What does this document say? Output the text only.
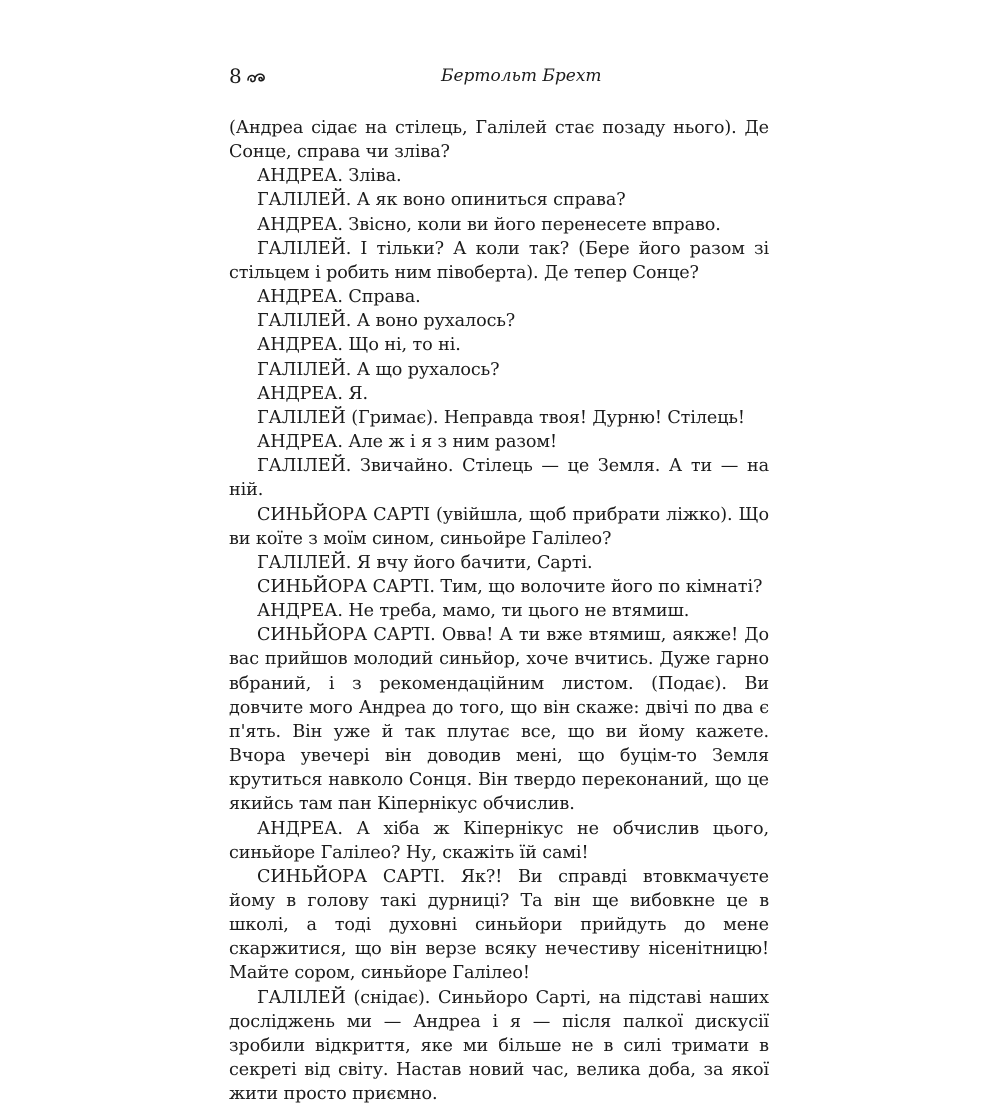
8	Бертольт Брехт

(Андреа сідає на стілець, Галілей стає позаду нього). Де Сонце, справа чи зліва?

АНДРЕА. Зліва.

ГАЛІЛЕЙ. А як воно опиниться справа?

АНДРЕА. Звісно, коли ви його перенесете вправо.

ГАЛІЛЕЙ. І тільки? А коли так? (Бере його разом зі стільцем і робить ним півоберта). Де тепер Сонце?

АНДРЕА. Справа.

ГАЛІЛЕЙ. А воно рухалось?

АНДРЕА. Що ні, то ні.

ГАЛІЛЕЙ. А що рухалось?

АНДРЕА. Я.

ГАЛІЛЕЙ (Гримає). Неправда твоя! Дурню! Стілець!

АНДРЕА. Але ж і я з ним разом!

ГАЛІЛЕЙ. Звичайно. Стілець — це Земля. А ти — на ній.

СИНЬЙОРА САРТІ (увійшла, щоб прибрати ліжко). Що ви коїте з моїм сином, синьойре Галілео?

ГАЛІЛЕЙ. Я вчу його бачити, Сарті.

СИНЬЙОРА САРТІ. Тим, що волочите його по кімнаті?

АНДРЕА. Не треба, мамо, ти цього не втямиш.

СИНЬЙОРА САРТІ. Овва! А ти вже втямиш, аякже! До вас прийшов молодий синьйор, хоче вчитись. Дуже гарно вбраний, і з рекомендаційним листом. (Подає). Ви довчите мого Андреа до того, що він скаже: двічі по два є п'ять. Він уже й так плутає все, що ви йому кажете. Вчора увечері він доводив мені, що буцім-то Земля крутиться навколо Сонця. Він твердо переконаний, що це якийсь там пан Кіпернікус обчислив.

АНДРЕА. А хіба ж Кіпернікус не обчислив цього, синьйоре Галілео? Ну, скажіть їй самі!

СИНЬЙОРА САРТІ. Як?! Ви справді втовкмачуєте йому в голову такі дурниці? Та він ще вибовкне це в школі, а тоді духовні синьйори прийдуть до мене скаржитися, що він верзе всяку нечестиву нісенітницю! Майте сором, синьйоре Галілео!

ГАЛІЛЕЙ (снідає). Синьйоро Сарті, на підставі наших досліджень ми — Андреа і я — після палкої дискусії зробили відкриття, яке ми більше не в силі тримати в секреті від світу. Настав новий час, велика доба, за якої жити просто приємно.
